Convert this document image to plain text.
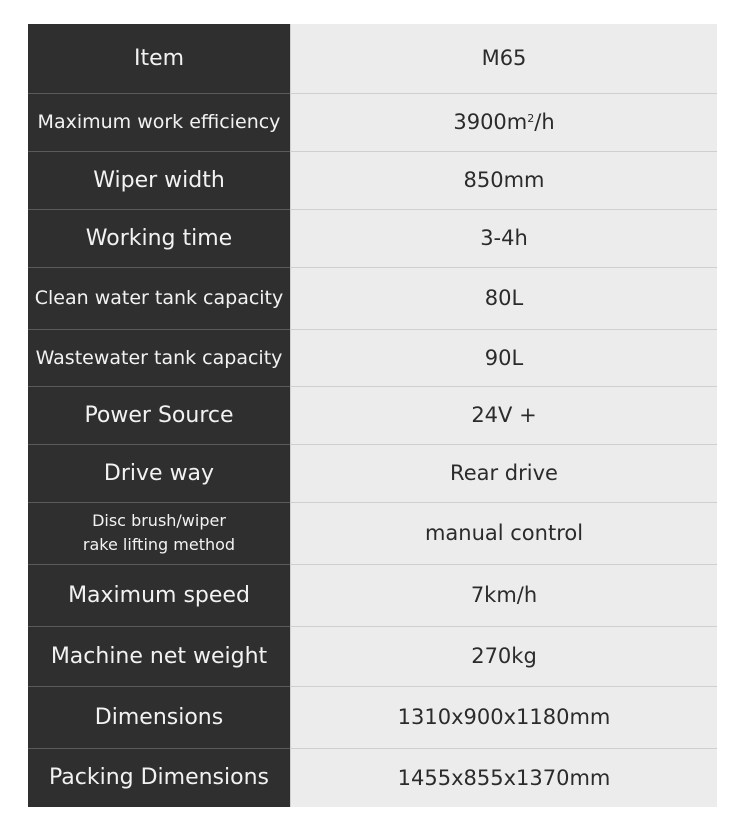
Item	M65
Maximum work efficiency	$3900m^2/h$
Wiper width	850mm
Working time	3-4h
Clean water tank capacity	80L
Wastewater tank capacity	90L
Power Source	24V +
Drive way	Rear drive

Disc brush/wiper
rake lifting method	manual control
Maximum speed	7km/h
Machine net weight	270kg
Dimensions	1310x900x1180mm
Packing Dimensions	1455x855x1370mm
